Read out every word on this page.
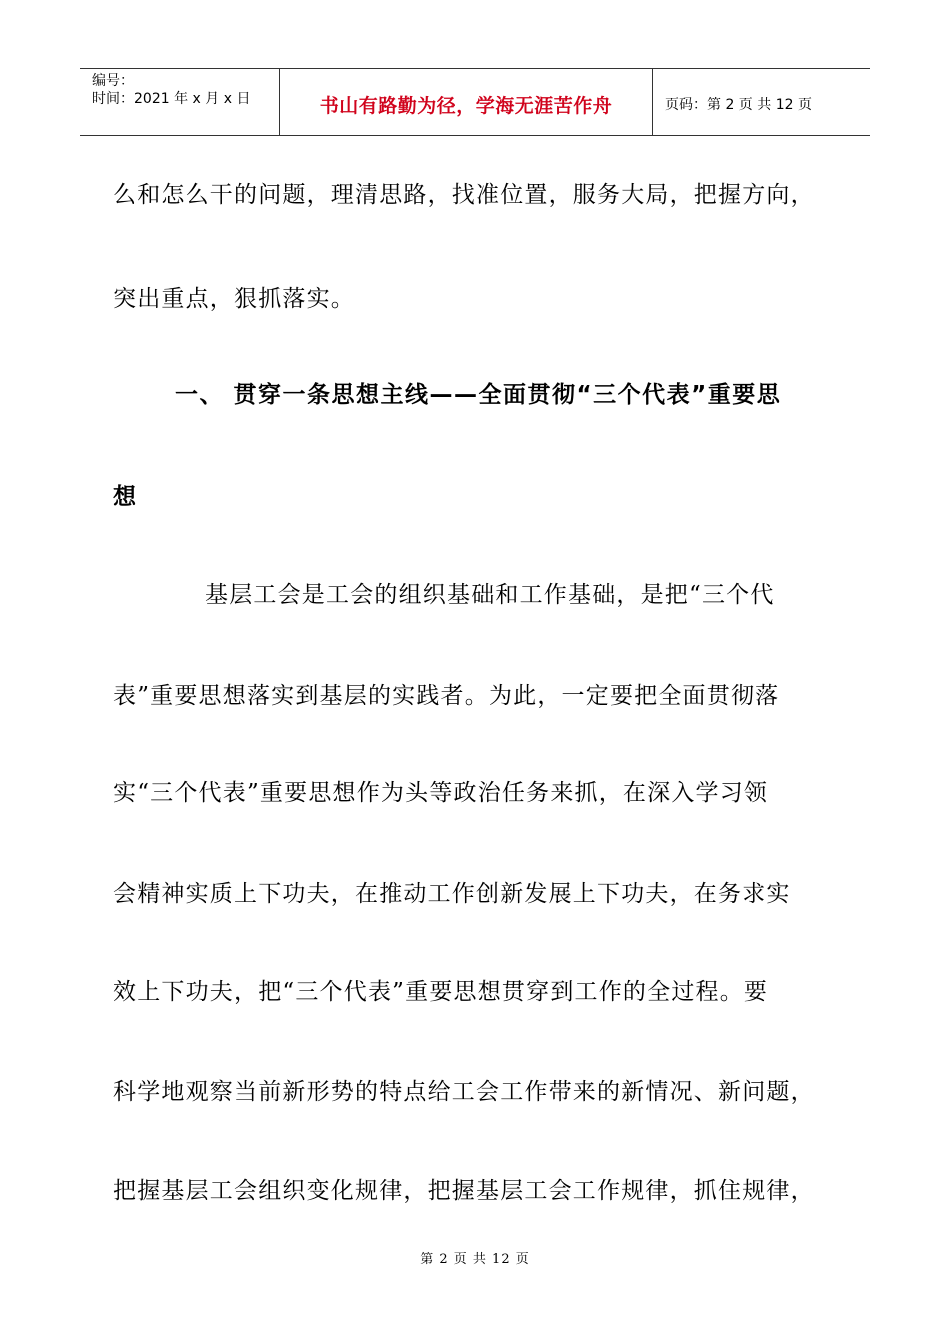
编号：
时间：2021 年 x 月 x 日	书山有路勤为径，学海无涯苦作舟	页码：第 2 页 共 12 页
么和怎么干的问题，理清思路，找准位置，服务大局，把握方向，
突出重点，狠抓落实。
一、 贯穿一条思想主线——全面贯彻“三个代表”重要思
想
基层工会是工会的组织基础和工作基础，是把“三个代
表”重要思想落实到基层的实践者。为此，一定要把全面贯彻落
实“三个代表”重要思想作为头等政治任务来抓，在深入学习领
会精神实质上下功夫，在推动工作创新发展上下功夫，在务求实
效上下功夫，把“三个代表”重要思想贯穿到工作的全过程。要
科学地观察当前新形势的特点给工会工作带来的新情况、新问题，
把握基层工会组织变化规律，把握基层工会工作规律，抓住规律，
第 2 页 共 12 页
